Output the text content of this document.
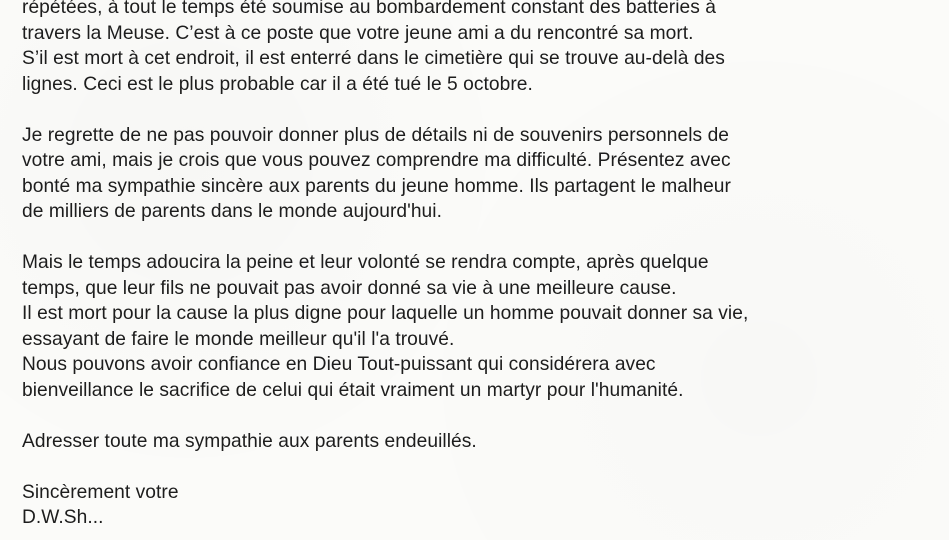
répétées, à tout le temps été soumise au bombardement constant des batteries à
travers la Meuse. C’est à ce poste que votre jeune ami a du rencontré sa mort.
S’il est mort à cet endroit, il est enterré dans le cimetière qui se trouve au-delà des
lignes. Ceci est le plus probable car il a été tué le 5 octobre.
Je regrette de ne pas pouvoir donner plus de détails ni de souvenirs personnels de
votre ami, mais je crois que vous pouvez comprendre ma difficulté. Présentez avec
bonté ma sympathie sincère aux parents du jeune homme. Ils partagent le malheur
de milliers de parents dans le monde aujourd'hui.
Mais le temps adoucira la peine et leur volonté se rendra compte, après quelque
temps, que leur fils ne pouvait pas avoir donné sa vie à une meilleure cause.
Il est mort pour la cause la plus digne pour laquelle un homme pouvait donner sa vie,
essayant de faire le monde meilleur qu'il l'a trouvé.
Nous pouvons avoir confiance en Dieu Tout-puissant qui considérera avec
bienveillance le sacrifice de celui qui était vraiment un martyr pour l'humanité.
Adresser toute ma sympathie aux parents endeuillés.
Sincèrement votre
D.W.Sh...
